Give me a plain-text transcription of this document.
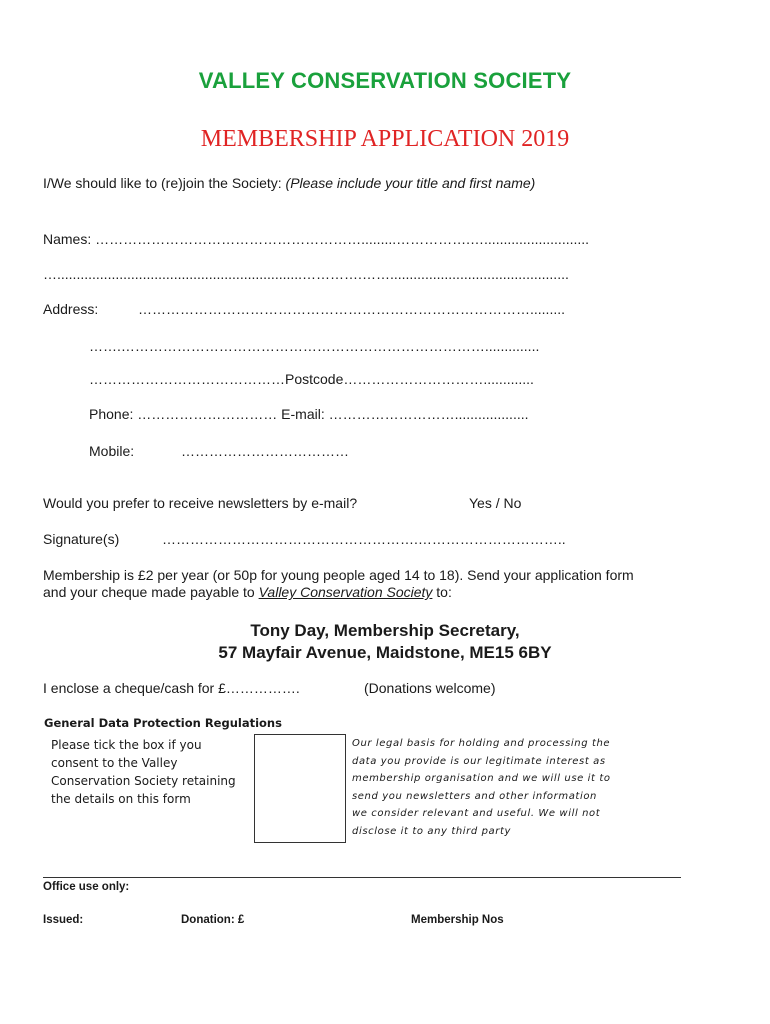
VALLEY CONSERVATION SOCIETY
MEMBERSHIP APPLICATION 2019
I/We should like to (re)join the Society: (Please include your title and first name)
Names: ………………………………………………….........…………….…...........................
…...............................................................………….……..............................................
Address:	………………………………………………………………………….........
…….……………………………………………………………………..............
……………………………………Postcode………………………….............
Phone: ………………………… E-mail: ………………………...................
Mobile:	………………………………
Would you prefer to receive newsletters by e-mail?	Yes / No
Signature(s)	……………………………………………….…………………………..
Membership is £2 per year (or 50p for young people aged 14 to 18). Send your application form
and your cheque made payable to Valley Conservation Society to:
Tony Day, Membership Secretary,
57 Mayfair Avenue, Maidstone, ME15 6BY
I enclose a cheque/cash for £…………….	(Donations welcome)
General Data Protection Regulations
Please tick the box if you consent to the Valley Conservation Society retaining the details on this form
Our legal basis for holding and processing the data you provide is our legitimate interest as membership organisation and we will use it to send you newsletters and other information we consider relevant and useful. We will not disclose it to any third party
Office use only:
Issued:	Donation: £	Membership Nos
